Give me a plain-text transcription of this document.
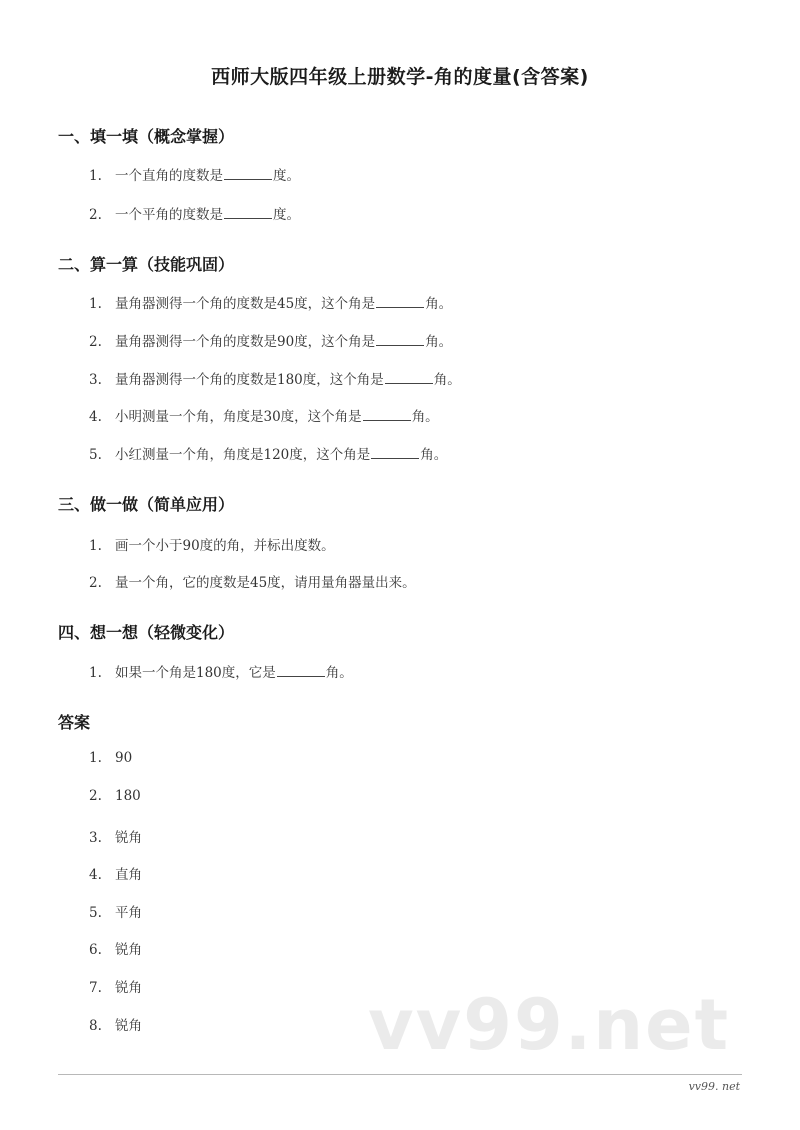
西师大版四年级上册数学-角的度量(含答案)
一、填一填（概念掌握）
1. 一个直角的度数是	度。
2. 一个平角的度数是	度。
二、算一算（技能巩固）
1. 量角器测得一个角的度数是45度，这个角是	角。
2. 量角器测得一个角的度数是90度，这个角是	角。
3. 量角器测得一个角的度数是180度，这个角是	角。
4. 小明测量一个角，角度是30度，这个角是	角。
5. 小红测量一个角，角度是120度，这个角是	角。
三、做一做（简单应用）
1. 画一个小于90度的角，并标出度数。
2. 量一个角，它的度数是45度，请用量角器量出来。
四、想一想（轻微变化）
1. 如果一个角是180度，它是	角。
答案
1. 90
2. 180
3. 锐角
4. 直角
5. 平角
6. 锐角
7. 锐角
8. 锐角	vv99.net
vv99. net
